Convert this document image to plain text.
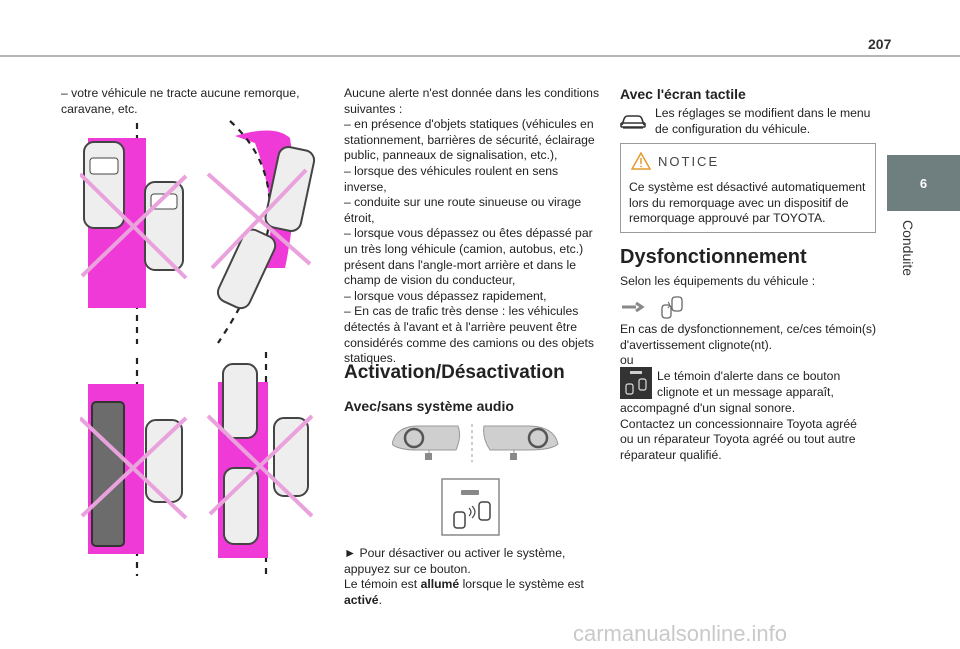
207
6
Conduite

– votre véhicule ne tracte aucune remorque, caravane, etc.

Aucune alerte n'est donnée dans les conditions
suivantes :
– en présence d'objets statiques (véhicules en
stationnement, barrières de sécurité, éclairage
public, panneaux de signalisation, etc.),
– lorsque des véhicules roulent en sens inverse,
– conduite sur une route sinueuse ou virage
étroit,
– lorsque vous dépassez ou êtes dépassé par
un très long véhicule (camion, autobus, etc.)
présent dans l'angle-mort arrière et dans le
champ de vision du conducteur,
– lorsque vous dépassez rapidement,
– En cas de trafic très dense : les véhicules
détectés à l'avant et à l'arrière peuvent être
considérés comme des camions ou des objets
statiques.
Activation/Désactivation
Avec/sans système audio
► Pour désactiver ou activer le système,
appuyez sur ce bouton.
Le témoin est allumé lorsque le système est
activé.
Avec l'écran tactile
Les réglages se modifient dans le menu
de configuration du véhicule.
NOTICE
Ce système est désactivé automatiquement
lors du remorquage avec un dispositif de
remorquage approuvé par TOYOTA.
Dysfonctionnement

Selon les équipements du véhicule :

En cas de dysfonctionnement, ce/ces témoin(s)
d'avertissement clignote(nt).
ou
Le témoin d'alerte dans ce bouton
clignote et un message apparaît,
accompagné d'un signal sonore.
Contactez un concessionnaire Toyota agréé
ou un réparateur Toyota agréé ou tout autre
réparateur qualifié.
carmanualsonline.info
